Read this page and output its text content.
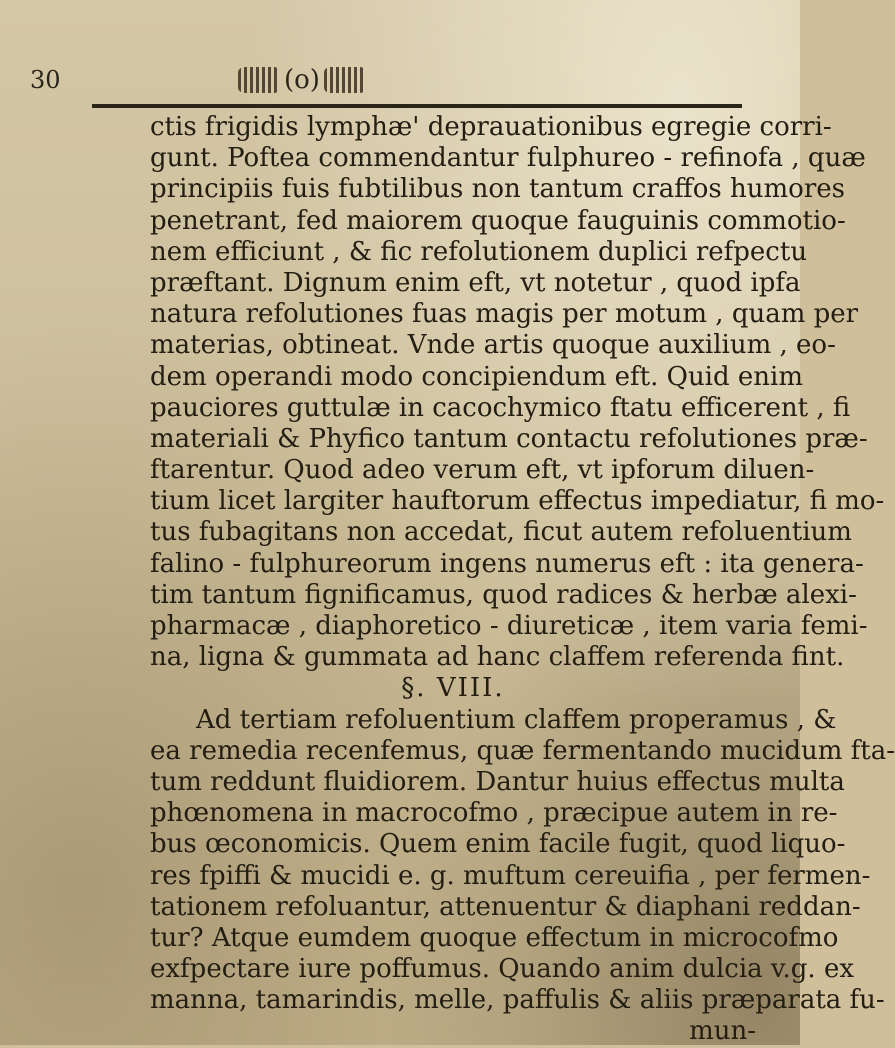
30	(o)
ctis frigidis lymphæ' deprauationibus egregie corri-
gunt. Poftea commendantur fulphureo - refinofa , quæ
principiis fuis fubtilibus non tantum craffos humores
penetrant, fed maiorem quoque fauguinis commotio-
nem efficiunt , & fic refolutionem duplici refpectu
præftant. Dignum enim eft, vt notetur , quod ipfa
natura refolutiones fuas magis per motum , quam per
materias, obtineat. Vnde artis quoque auxilium , eo-
dem operandi modo concipiendum eft. Quid enim
pauciores guttulæ in cacochymico ftatu efficerent , fi
materiali & Phyfico tantum contactu refolutiones præ-
ftarentur. Quod adeo verum eft, vt ipforum diluen-
tium licet largiter hauftorum effectus impediatur, fi mo-
tus fubagitans non accedat, ficut autem refoluentium
falino - fulphureorum ingens numerus eft : ita genera-
tim tantum fignificamus, quod radices & herbæ alexi-
pharmacæ , diaphoretico - diureticæ , item varia femi-
na, ligna & gummata ad hanc claffem referenda fint.
§. VIII.
Ad tertiam refoluentium claffem properamus , &
ea remedia recenfemus, quæ fermentando mucidum fta-
tum reddunt fluidiorem. Dantur huius effectus multa
phœnomena in macrocofmo , præcipue autem in re-
bus œconomicis. Quem enim facile fugit, quod liquo-
res fpiffi & mucidi e. g. muftum cereuifia , per fermen-
tationem refoluantur, attenuentur & diaphani reddan-
tur? Atque eumdem quoque effectum in microcofmo
exfpectare iure poffumus. Quando anim dulcia v.g. ex
manna, tamarindis, melle, paffulis & aliis præparata fu-
mun-
